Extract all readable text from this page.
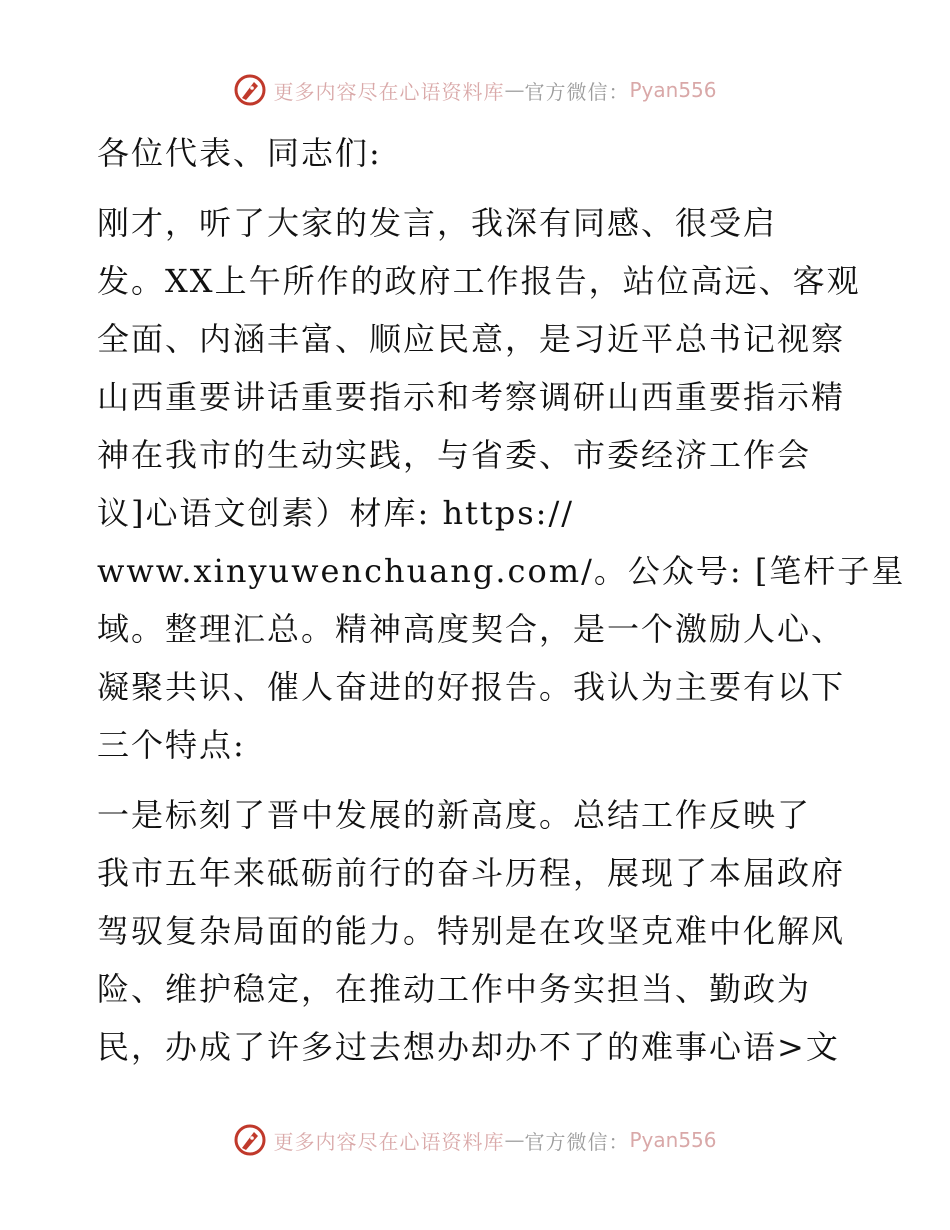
更多内容尽在心语资料库 — 官方微信： Pyan556

各位代表、同志们:

刚才，听了大家的发言，我深有同感、很受启
发。XX上午所作的政府工作报告，站位高远、客观
全面、内涵丰富、顺应民意，是习近平总书记视察
山西重要讲话重要指示和考察调研山西重要指示精
神在我市的生动实践，与省委、市委经济工作会
议]心语文创素）材库: https://
www.xinyuwenchuang.com/。公众号: [笔杆子星
域。整理汇总。精神高度契合，是一个激励人心、
凝聚共识、催人奋进的好报告。我认为主要有以下
三个特点:

一是标刻了晋中发展的新高度。总结工作反映了
我市五年来砥砺前行的奋斗历程，展现了本届政府
驾驭复杂局面的能力。特别是在攻坚克难中化解风
险、维护稳定，在推动工作中务实担当、勤政为
民，办成了许多过去想办却办不了的难事心语>文

更多内容尽在心语资料库 — 官方微信： Pyan556
